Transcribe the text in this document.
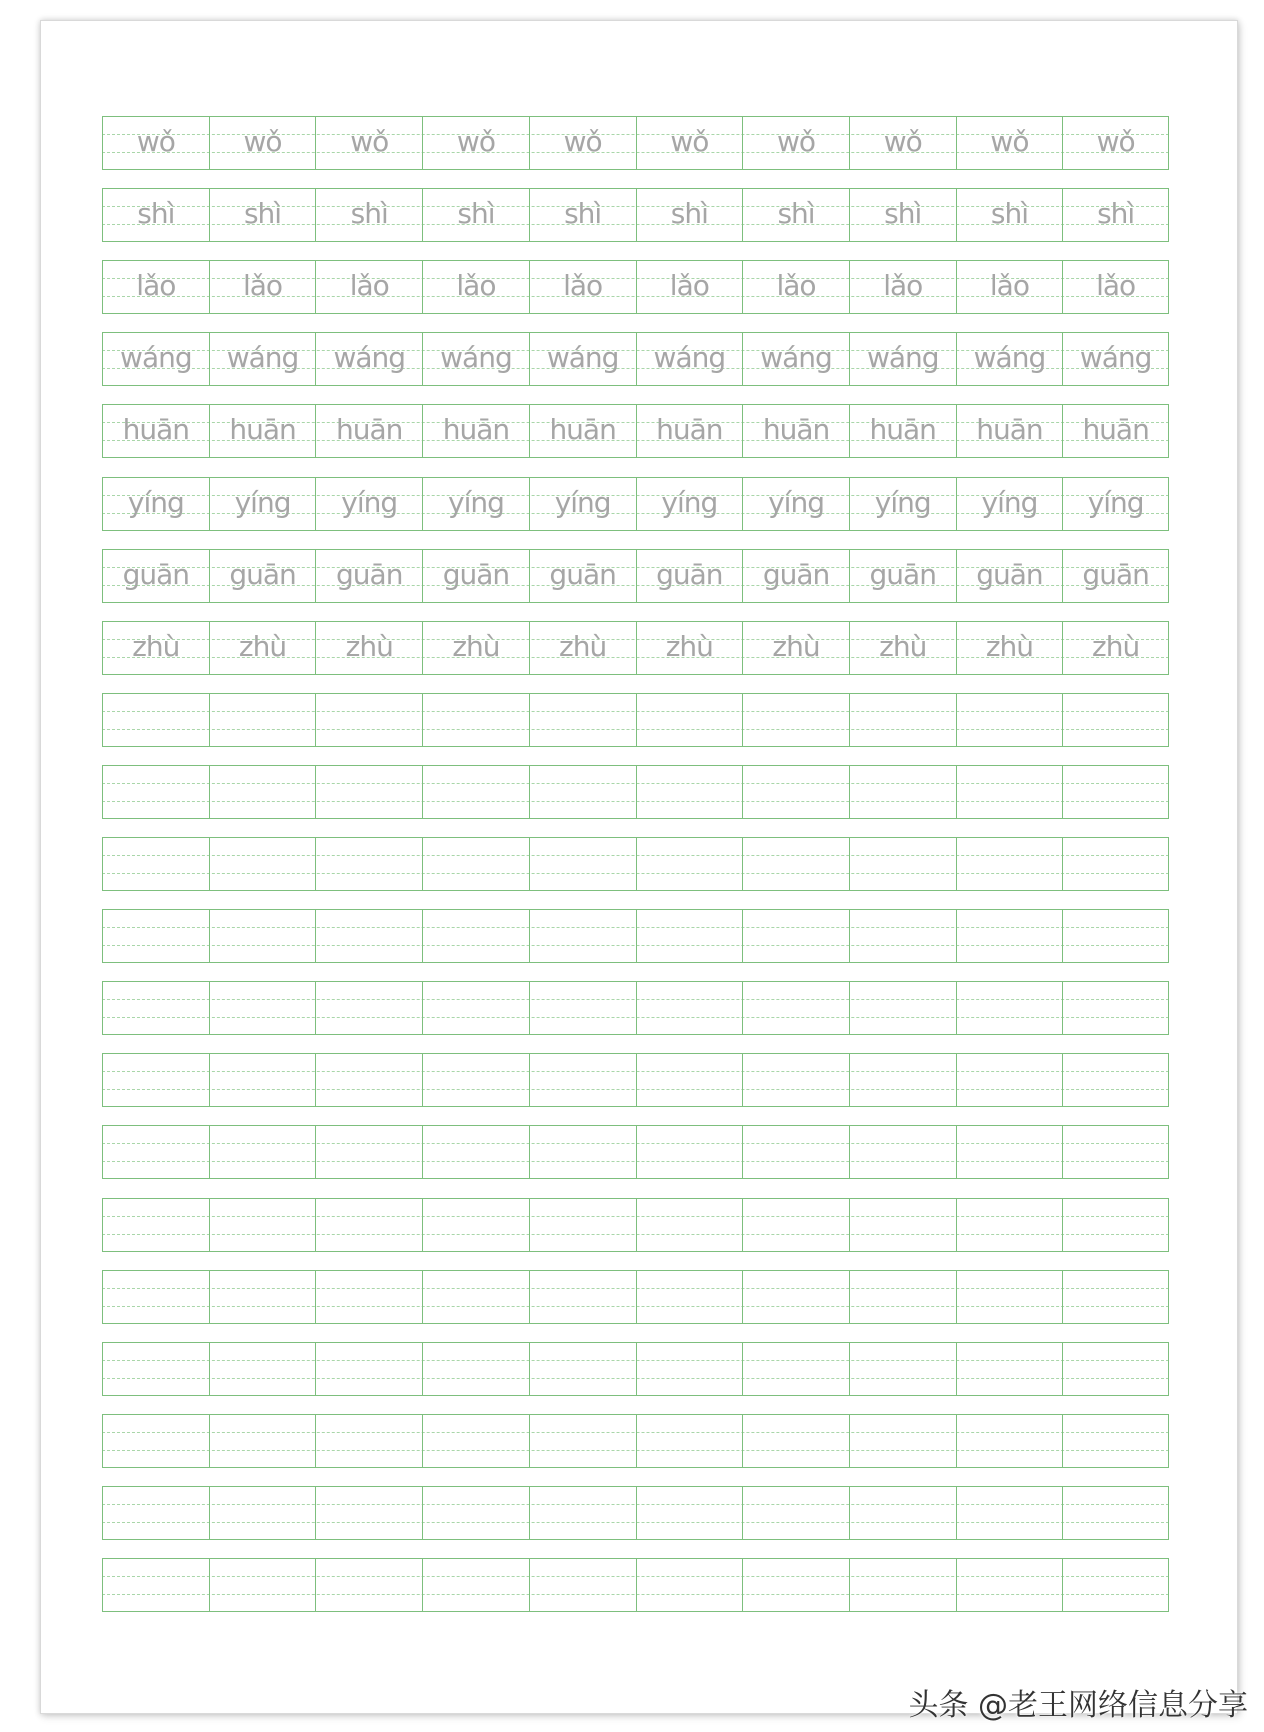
wǒ wǒ wǒ wǒ wǒ wǒ wǒ wǒ wǒ wǒ
shì shì shì shì shì shì shì shì shì shì
lǎo lǎo lǎo lǎo lǎo lǎo lǎo lǎo lǎo lǎo
wáng wáng wáng wáng wáng wáng wáng wáng wáng wáng
huān huān huān huān huān huān huān huān huān huān
yíng yíng yíng yíng yíng yíng yíng yíng yíng yíng
guān guān guān guān guān guān guān guān guān guān
zhù zhù zhù zhù zhù zhù zhù zhù zhù zhù
头条 @老王网络信息分享
